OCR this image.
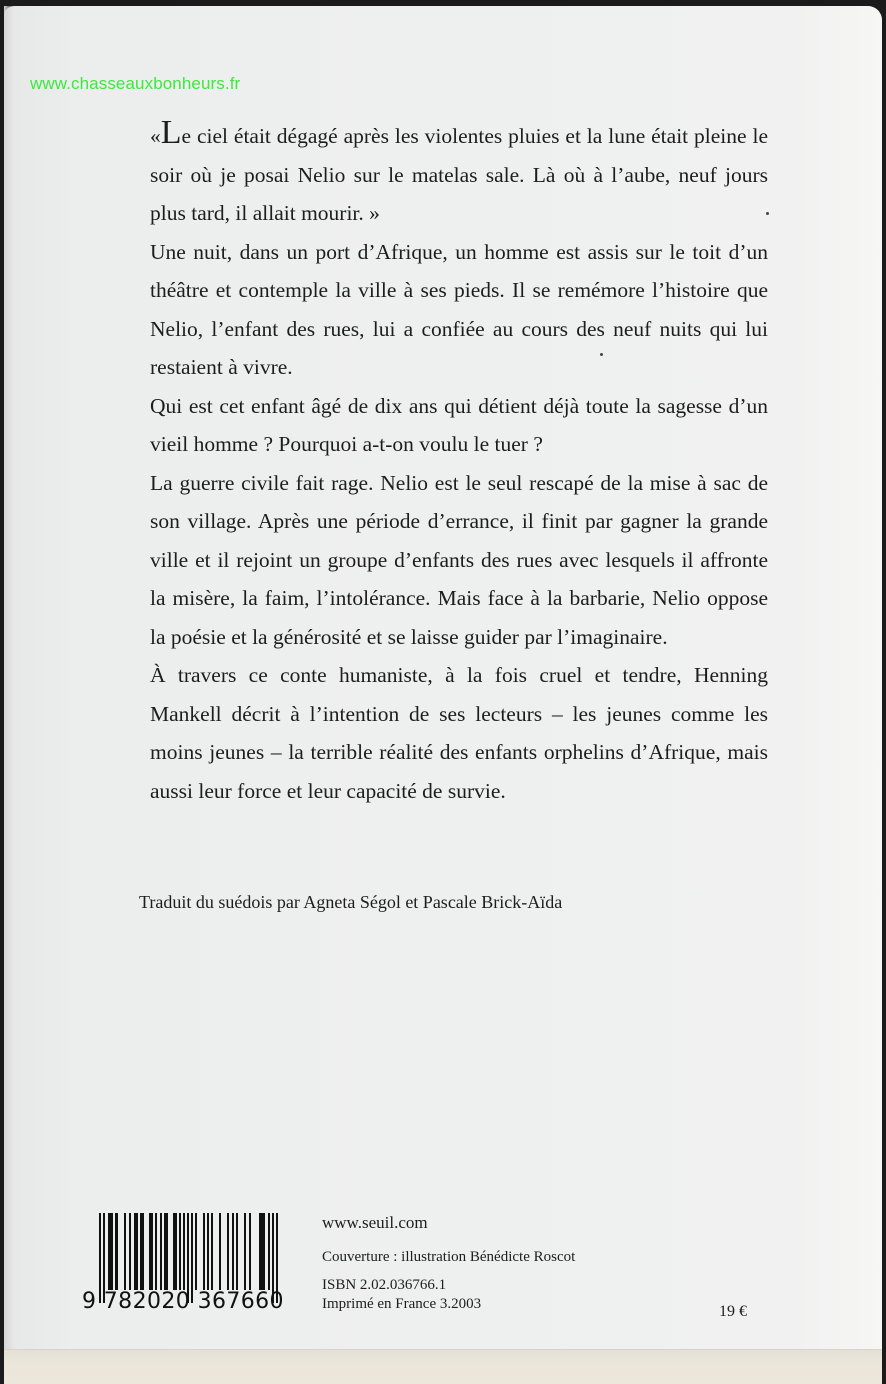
www.chasseauxbonheurs.fr

«Le ciel était dégagé après les violentes pluies et la lune était pleine le soir où je posai Nelio sur le matelas sale. Là où à l’aube, neuf jours plus tard, il allait mourir. »

Une nuit, dans un port d’Afrique, un homme est assis sur le toit d’un théâtre et contemple la ville à ses pieds. Il se remémore l’histoire que Nelio, l’enfant des rues, lui a confiée au cours des neuf nuits qui lui restaient à vivre.

Qui est cet enfant âgé de dix ans qui détient déjà toute la sagesse d’un vieil homme ? Pourquoi a-t-on voulu le tuer ?

La guerre civile fait rage. Nelio est le seul rescapé de la mise à sac de son village. Après une période d’errance, il finit par gagner la grande ville et il rejoint un groupe d’enfants des rues avec lesquels il affronte la misère, la faim, l’intolérance. Mais face à la barbarie, Nelio oppose la poésie et la générosité et se laisse guider par l’imaginaire.

À travers ce conte humaniste, à la fois cruel et tendre, Henning Mankell décrit à l’intention de ses lecteurs – les jeunes comme les moins jeunes – la terrible réalité des enfants orphelins d’Afrique, mais aussi leur force et leur capacité de survie.

Traduit du suédois par Agneta Ségol et Pascale Brick-Aïda
9 782020 367660
www.seuil.com
Couverture : illustration Bénédicte Roscot
ISBN 2.02.036766.1
Imprimé en France 3.2003	19 €
